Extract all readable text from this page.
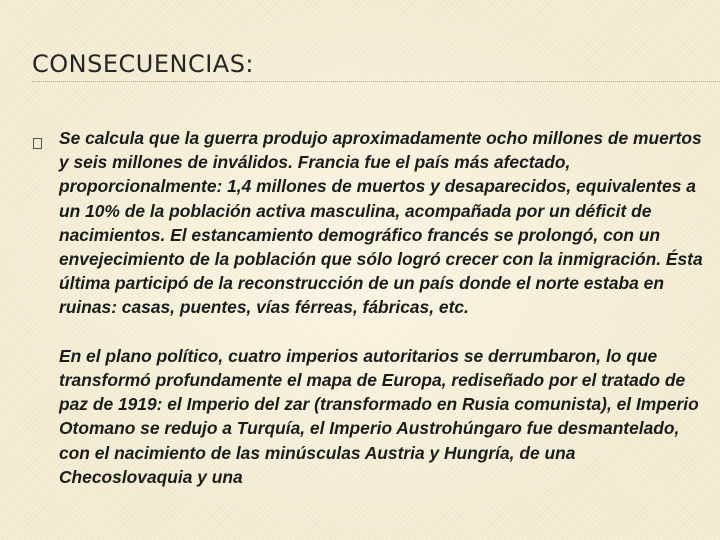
CONSECUENCIAS:

Se calcula que la guerra produjo aproximadamente ocho millones de muertos y seis millones de inválidos. Francia fue el país más afectado, proporcionalmente: 1,4 millones de muertos y desaparecidos, equivalentes a un 10% de la población activa masculina, acompañada por un déficit de nacimientos. El estancamiento demográfico francés se prolongó, con un envejecimiento de la población que sólo logró crecer con la inmigración. Ésta última participó de la reconstrucción de un país donde el norte estaba en ruinas: casas, puentes, vías férreas, fábricas, etc.

En el plano político, cuatro imperios autoritarios se derrumbaron, lo que transformó profundamente el mapa de Europa, rediseñado por el tratado de paz de 1919: el Imperio del zar (transformado en Rusia comunista), el Imperio Otomano se redujo a Turquía, el Imperio Austrohúngaro fue desmantelado, con el nacimiento de las minúsculas Austria y Hungría, de una Checoslovaquia y una
